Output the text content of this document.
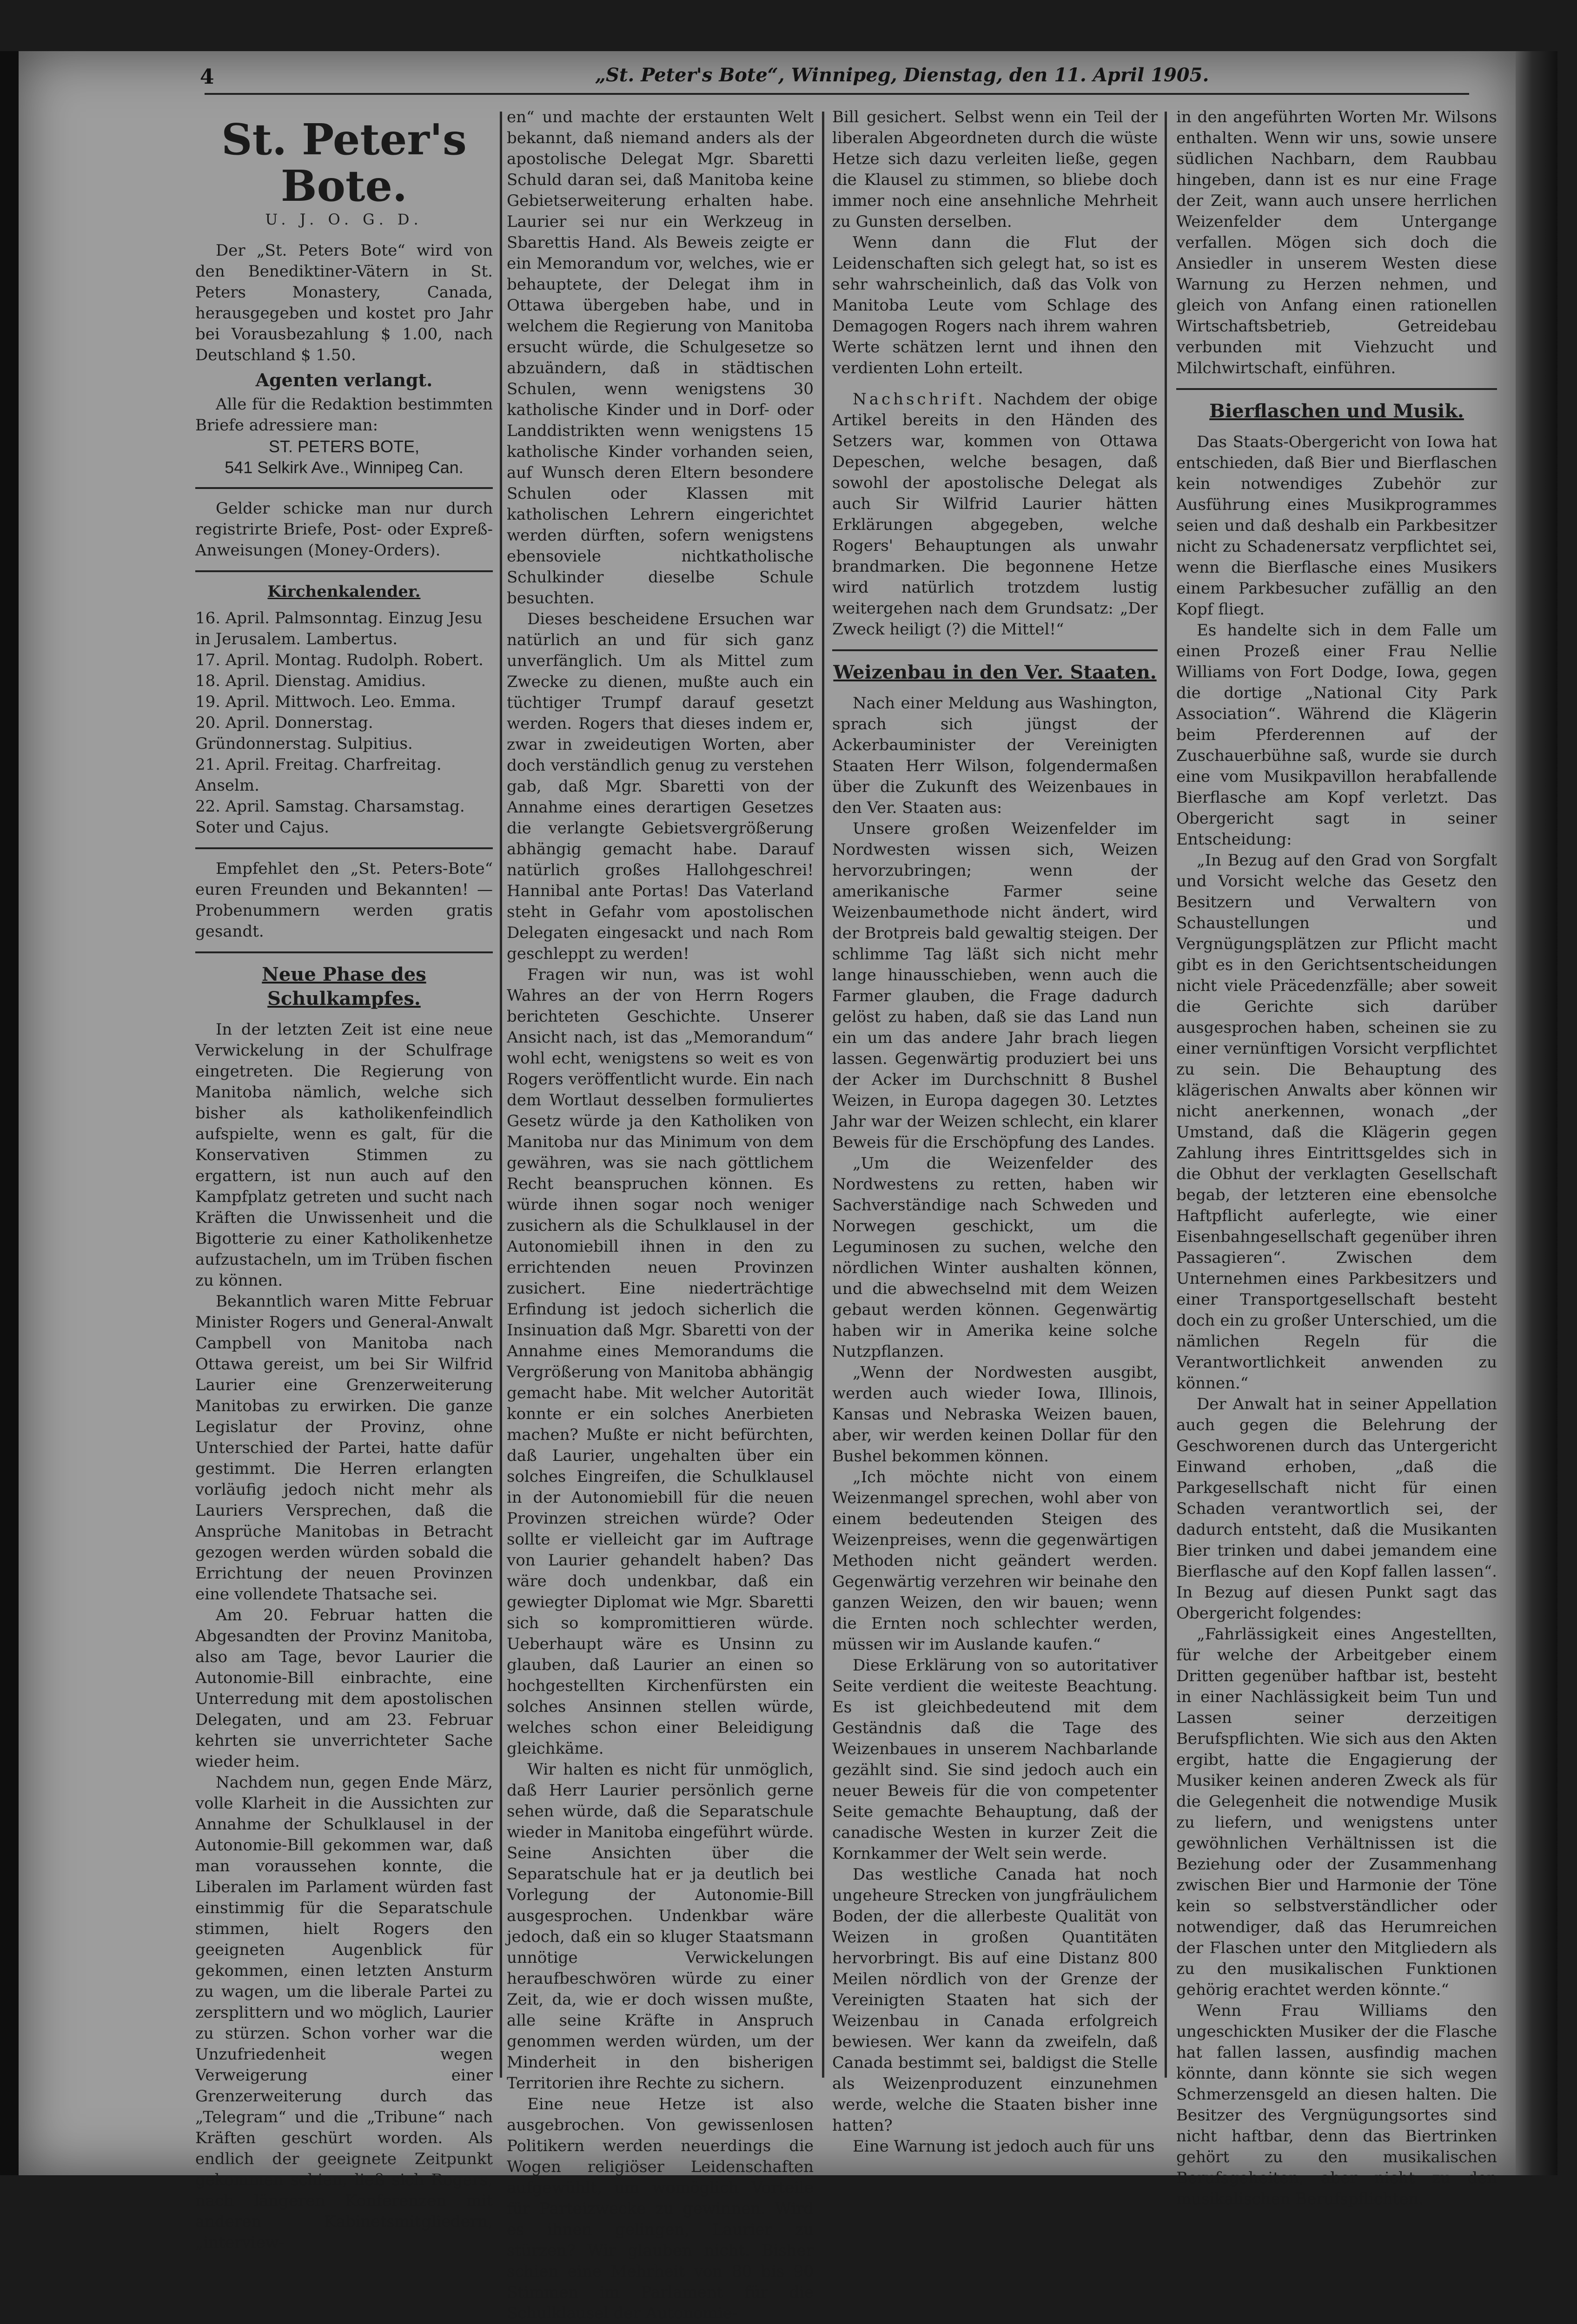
4	„St. Peter's Bote“, Winnipeg, Dienstag, den 11. April 1905.
St. Peter's Bote.
U. J. O. G. D.

Der „St. Peters Bote“ wird von den Benediktiner-Vätern in St. Peters Monastery, Canada, herausgegeben und kostet pro Jahr bei Vorausbezahlung $ 1.00, nach Deutschland $ 1.50.

Agenten verlangt.

Alle für die Redaktion bestimmten Briefe adressiere man:

ST. PETERS BOTE,
541 Selkirk Ave., Winnipeg Can.

Gelder schicke man nur durch registrirte Briefe, Post- oder Expreß-Anweisungen (Money-Orders).

Kirchenkalender.
16. April. Palmsonntag. Einzug Jesu in Jerusalem. Lambertus.
17. April. Montag. Rudolph. Robert.
18. April. Dienstag. Amidius.
19. April. Mittwoch. Leo. Emma.
20. April. Donnerstag. Gründonnerstag. Sulpitius.
21. April. Freitag. Charfreitag. Anselm.
22. April. Samstag. Charsamstag. Soter und Cajus.

Empfehlet den „St. Peters-Bote“ euren Freunden und Bekannten! — Probenummern werden gratis gesandt.

Neue Phase des Schulkampfes.

In der letzten Zeit ist eine neue Verwickelung in der Schulfrage eingetreten. Die Regierung von Manitoba nämlich, welche sich bisher als katholikenfeindlich aufspielte, wenn es galt, für die Konservativen Stimmen zu ergattern, ist nun auch auf den Kampfplatz getreten und sucht nach Kräften die Unwissenheit und die Bigotterie zu einer Katholikenhetze aufzustacheln, um im Trüben fischen zu können.

Bekanntlich waren Mitte Februar Minister Rogers und General-Anwalt Campbell von Manitoba nach Ottawa gereist, um bei Sir Wilfrid Laurier eine Grenzerweiterung Manitobas zu erwirken. Die ganze Legislatur der Provinz, ohne Unterschied der Partei, hatte dafür gestimmt. Die Herren erlangten vorläufig jedoch nicht mehr als Lauriers Versprechen, daß die Ansprüche Manitobas in Betracht gezogen werden würden sobald die Errichtung der neuen Provinzen eine vollendete Thatsache sei.

Am 20. Februar hatten die Abgesandten der Provinz Manitoba, also am Tage, bevor Laurier die Autonomie-Bill einbrachte, eine Unterredung mit dem apostolischen Delegaten, und am 23. Februar kehrten sie unverrichteter Sache wieder heim.

Nachdem nun, gegen Ende März, volle Klarheit in die Aussichten zur Annahme der Schulklausel in der Autonomie-Bill gekommen war, daß man voraussehen konnte, die Liberalen im Parlament würden fast einstimmig für die Separatschule stimmen, hielt Rogers den geeigneten Augenblick für gekommen, einen letzten Ansturm zu wagen, um die liberale Partei zu zersplittern und wo möglich, Laurier zu stürzen. Schon vorher war die Unzufriedenheit wegen Verweigerung einer Grenzerweiterung durch das „Telegram“ und die „Tribune“ nach Kräften geschürt worden. Als endlich der geeignete Zeitpunkt gekommen schien, ließ sich Rogers, nach längeren Konferenzen mit anderen Kabinetsmitgliedern, „interview-

en“ und machte der erstaunten Welt bekannt, daß niemand anders als der apostolische Delegat Mgr. Sbaretti Schuld daran sei, daß Manitoba keine Gebietserweiterung erhalten habe. Laurier sei nur ein Werkzeug in Sbarettis Hand. Als Beweis zeigte er ein Memorandum vor, welches, wie er behauptete, der Delegat ihm in Ottawa übergeben habe, und in welchem die Regierung von Manitoba ersucht würde, die Schulgesetze so abzuändern, daß in städtischen Schulen, wenn wenigstens 30 katholische Kinder und in Dorf- oder Landdistrikten wenn wenigstens 15 katholische Kinder vorhanden seien, auf Wunsch deren Eltern besondere Schulen oder Klassen mit katholischen Lehrern eingerichtet werden dürften, sofern wenigstens ebensoviele nichtkatholische Schulkinder dieselbe Schule besuchten.

Dieses bescheidene Ersuchen war natürlich an und für sich ganz unverfänglich. Um als Mittel zum Zwecke zu dienen, mußte auch ein tüchtiger Trumpf darauf gesetzt werden. Rogers that dieses indem er, zwar in zweideutigen Worten, aber doch verständlich genug zu verstehen gab, daß Mgr. Sbaretti von der Annahme eines derartigen Gesetzes die verlangte Gebietsvergrößerung abhängig gemacht habe. Darauf natürlich großes Hallohgeschrei! Hannibal ante Portas! Das Vaterland steht in Gefahr vom apostolischen Delegaten eingesackt und nach Rom geschleppt zu werden!

Fragen wir nun, was ist wohl Wahres an der von Herrn Rogers berichteten Geschichte. Unserer Ansicht nach, ist das „Memorandum“ wohl echt, wenigstens so weit es von Rogers veröffentlicht wurde. Ein nach dem Wortlaut desselben formuliertes Gesetz würde ja den Katholiken von Manitoba nur das Minimum von dem gewähren, was sie nach göttlichem Recht beanspruchen können. Es würde ihnen sogar noch weniger zusichern als die Schulklausel in der Autonomiebill ihnen in den zu errichtenden neuen Provinzen zusichert. Eine niederträchtige Erfindung ist jedoch sicherlich die Insinuation daß Mgr. Sbaretti von der Annahme eines Memorandums die Vergrößerung von Manitoba abhängig gemacht habe. Mit welcher Autorität konnte er ein solches Anerbieten machen? Mußte er nicht befürchten, daß Laurier, ungehalten über ein solches Eingreifen, die Schulklausel in der Autonomiebill für die neuen Provinzen streichen würde? Oder sollte er vielleicht gar im Auftrage von Laurier gehandelt haben? Das wäre doch undenkbar, daß ein gewiegter Diplomat wie Mgr. Sbaretti sich so kompromittieren würde. Ueberhaupt wäre es Unsinn zu glauben, daß Laurier an einen so hochgestellten Kirchenfürsten ein solches Ansinnen stellen würde, welches schon einer Beleidigung gleichkäme.

Wir halten es nicht für unmöglich, daß Herr Laurier persönlich gerne sehen würde, daß die Separatschule wieder in Manitoba eingeführt würde. Seine Ansichten über die Separatschule hat er ja deutlich bei Vorlegung der Autonomie-Bill ausgesprochen. Undenkbar wäre jedoch, daß ein so kluger Staatsmann unnötige Verwickelungen heraufbeschwören würde zu einer Zeit, da, wie er doch wissen mußte, alle seine Kräfte in Anspruch genommen werden würden, um der Minderheit in den bisherigen Territorien ihre Rechte zu sichern.

Eine neue Hetze ist also ausgebrochen. Von gewissenlosen Politikern werden neuerdings die Wogen religiöser Leidenschaften aufgewühlt, um womöglich Vorteile für Parteizwecke zu gewinnen. Wird es ihnen gelingen, Laurier zu stürzen? Wir glauben nicht. Bisher schien eine Mehrheit von 80 bis 90 Stimmen im Parlament für die Schulklausel der Autonomie-

Bill gesichert. Selbst wenn ein Teil der liberalen Abgeordneten durch die wüste Hetze sich dazu verleiten ließe, gegen die Klausel zu stimmen, so bliebe doch immer noch eine ansehnliche Mehrheit zu Gunsten derselben.

Wenn dann die Flut der Leidenschaften sich gelegt hat, so ist es sehr wahrscheinlich, daß das Volk von Manitoba Leute vom Schlage des Demagogen Rogers nach ihrem wahren Werte schätzen lernt und ihnen den verdienten Lohn erteilt.

Nachschrift. Nachdem der obige Artikel bereits in den Händen des Setzers war, kommen von Ottawa Depeschen, welche besagen, daß sowohl der apostolische Delegat als auch Sir Wilfrid Laurier hätten Erklärungen abgegeben, welche Rogers' Behauptungen als unwahr brandmarken. Die begonnene Hetze wird natürlich trotzdem lustig weitergehen nach dem Grundsatz: „Der Zweck heiligt (?) die Mittel!“

Weizenbau in den Ver. Staaten.

Nach einer Meldung aus Washington, sprach sich jüngst der Ackerbauminister der Vereinigten Staaten Herr Wilson, folgendermaßen über die Zukunft des Weizenbaues in den Ver. Staaten aus:

Unsere großen Weizenfelder im Nordwesten wissen sich, Weizen hervorzubringen; wenn der amerikanische Farmer seine Weizenbaumethode nicht ändert, wird der Brotpreis bald gewaltig steigen. Der schlimme Tag läßt sich nicht mehr lange hinausschieben, wenn auch die Farmer glauben, die Frage dadurch gelöst zu haben, daß sie das Land nun ein um das andere Jahr brach liegen lassen. Gegenwärtig produziert bei uns der Acker im Durchschnitt 8 Bushel Weizen, in Europa dagegen 30. Letztes Jahr war der Weizen schlecht, ein klarer Beweis für die Erschöpfung des Landes.

„Um die Weizenfelder des Nordwestens zu retten, haben wir Sachverständige nach Schweden und Norwegen geschickt, um die Leguminosen zu suchen, welche den nördlichen Winter aushalten können, und die abwechselnd mit dem Weizen gebaut werden können. Gegenwärtig haben wir in Amerika keine solche Nutzpflanzen.

„Wenn der Nordwesten ausgibt, werden auch wieder Iowa, Illinois, Kansas und Nebraska Weizen bauen, aber, wir werden keinen Dollar für den Bushel bekommen können.

„Ich möchte nicht von einem Weizenmangel sprechen, wohl aber von einem bedeutenden Steigen des Weizenpreises, wenn die gegenwärtigen Methoden nicht geändert werden. Gegenwärtig verzehren wir beinahe den ganzen Weizen, den wir bauen; wenn die Ernten noch schlechter werden, müssen wir im Auslande kaufen.“

Diese Erklärung von so autoritativer Seite verdient die weiteste Beachtung. Es ist gleichbedeutend mit dem Geständnis daß die Tage des Weizenbaues in unserem Nachbarlande gezählt sind. Sie sind jedoch auch ein neuer Beweis für die von competenter Seite gemachte Behauptung, daß der canadische Westen in kurzer Zeit die Kornkammer der Welt sein werde.

Das westliche Canada hat noch ungeheure Strecken von jungfräulichem Boden, der die allerbeste Qualität von Weizen in großen Quantitäten hervorbringt. Bis auf eine Distanz 800 Meilen nördlich von der Grenze der Vereinigten Staaten hat sich der Weizenbau in Canada erfolgreich bewiesen. Wer kann da zweifeln, daß Canada bestimmt sei, baldigst die Stelle als Weizenproduzent einzunehmen werde, welche die Staaten bisher inne hatten?

Eine Warnung ist jedoch auch für uns

in den angeführten Worten Mr. Wilsons enthalten. Wenn wir uns, sowie unsere südlichen Nachbarn, dem Raubbau hingeben, dann ist es nur eine Frage der Zeit, wann auch unsere herrlichen Weizenfelder dem Untergange verfallen. Mögen sich doch die Ansiedler in unserem Westen diese Warnung zu Herzen nehmen, und gleich von Anfang einen rationellen Wirtschaftsbetrieb, Getreidebau verbunden mit Viehzucht und Milchwirtschaft, einführen.

Bierflaschen und Musik.

Das Staats-Obergericht von Iowa hat entschieden, daß Bier und Bierflaschen kein notwendiges Zubehör zur Ausführung eines Musikprogrammes seien und daß deshalb ein Parkbesitzer nicht zu Schadenersatz verpflichtet sei, wenn die Bierflasche eines Musikers einem Parkbesucher zufällig an den Kopf fliegt.

Es handelte sich in dem Falle um einen Prozeß einer Frau Nellie Williams von Fort Dodge, Iowa, gegen die dortige „National City Park Association“. Während die Klägerin beim Pferderennen auf der Zuschauerbühne saß, wurde sie durch eine vom Musikpavillon herabfallende Bierflasche am Kopf verletzt. Das Obergericht sagt in seiner Entscheidung:

„In Bezug auf den Grad von Sorgfalt und Vorsicht welche das Gesetz den Besitzern und Verwaltern von Schaustellungen und Vergnügungsplätzen zur Pflicht macht gibt es in den Gerichtsentscheidungen nicht viele Präcedenzfälle; aber soweit die Gerichte sich darüber ausgesprochen haben, scheinen sie zu einer vernünftigen Vorsicht verpflichtet zu sein. Die Behauptung des klägerischen Anwalts aber können wir nicht anerkennen, wonach „der Umstand, daß die Klägerin gegen Zahlung ihres Eintrittsgeldes sich in die Obhut der verklagten Gesellschaft begab, der letzteren eine ebensolche Haftpflicht auferlegte, wie einer Eisenbahngesellschaft gegenüber ihren Passagieren“. Zwischen dem Unternehmen eines Parkbesitzers und einer Transportgesellschaft besteht doch ein zu großer Unterschied, um die nämlichen Regeln für die Verantwortlichkeit anwenden zu können.“

Der Anwalt hat in seiner Appellation auch gegen die Belehrung der Geschworenen durch das Untergericht Einwand erhoben, „daß die Parkgesellschaft nicht für einen Schaden verantwortlich sei, der dadurch entsteht, daß die Musikanten Bier trinken und dabei jemandem eine Bierflasche auf den Kopf fallen lassen“. In Bezug auf diesen Punkt sagt das Obergericht folgendes:

„Fahrlässigkeit eines Angestellten, für welche der Arbeitgeber einem Dritten gegenüber haftbar ist, besteht in einer Nachlässigkeit beim Tun und Lassen seiner derzeitigen Berufspflichten. Wie sich aus den Akten ergibt, hatte die Engagierung der Musiker keinen anderen Zweck als für die Gelegenheit die notwendige Musik zu liefern, und wenigstens unter gewöhnlichen Verhältnissen ist die Beziehung oder der Zusammenhang zwischen Bier und Harmonie der Töne kein so selbstverständlicher oder notwendiger, daß das Herumreichen der Flaschen unter den Mitgliedern als zu den musikalischen Funktionen gehörig erachtet werden könnte.“

Wenn Frau Williams den ungeschickten Musiker der die Flasche hat fallen lassen, ausfindig machen könnte, dann könnte sie sich wegen Schmerzensgeld an diesen halten. Die Besitzer des Vergnügungsortes sind nicht haftbar, denn das Biertrinken gehört zu den musikalischen Berufsgeheiten, aber nicht zu den musikalischen Berufspflichten.
